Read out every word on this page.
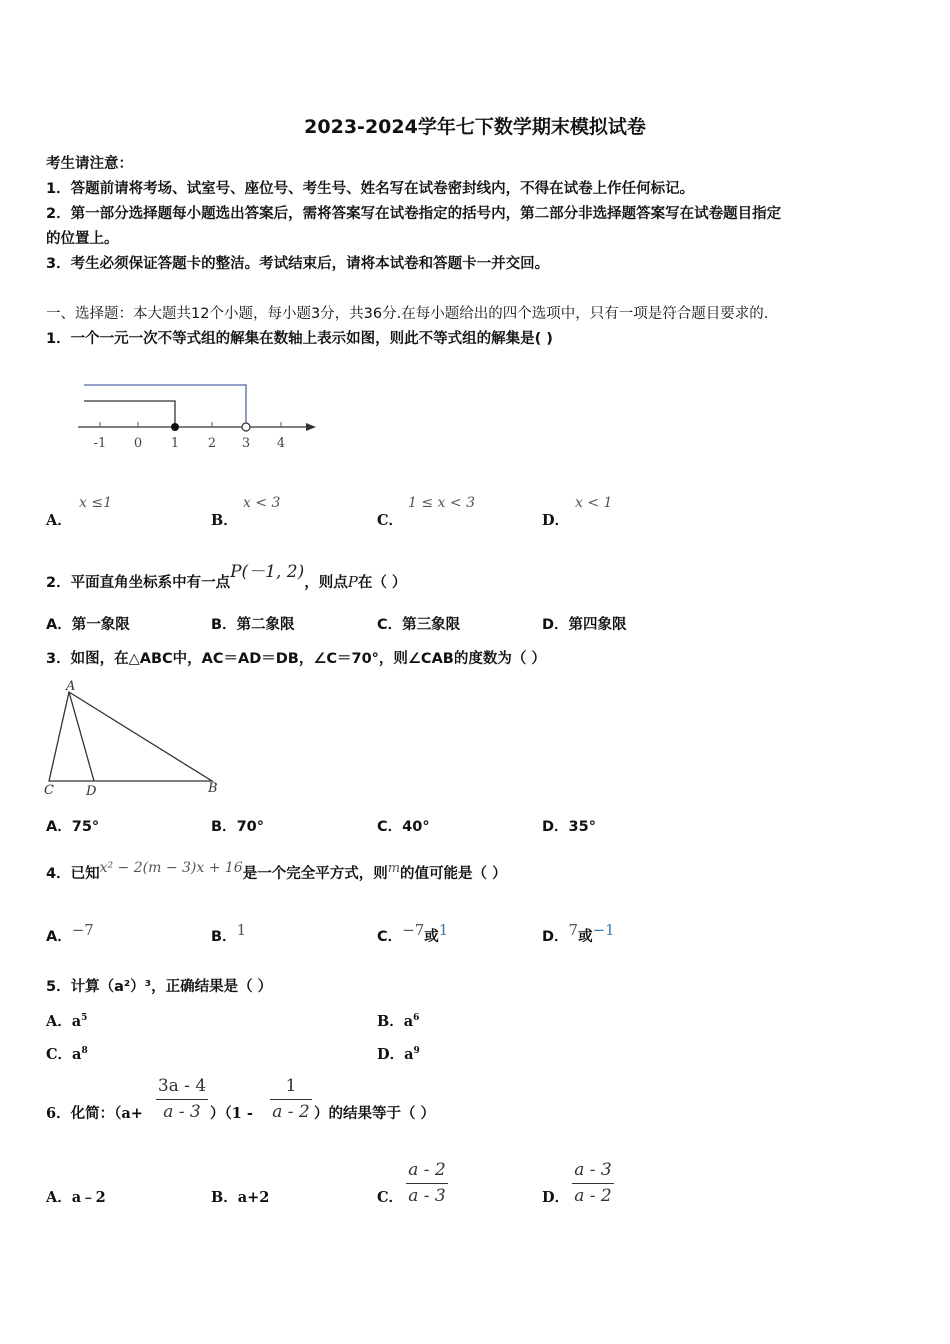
2023-2024学年七下数学期末模拟试卷
考生请注意：
1．答题前请将考场、试室号、座位号、考生号、姓名写在试卷密封线内，不得在试卷上作任何标记。
2．第一部分选择题每小题选出答案后，需将答案写在试卷指定的括号内，第二部分非选择题答案写在试卷题目指定
的位置上。
3．考生必须保证答题卡的整洁。考试结束后，请将本试卷和答题卡一并交回。
一、选择题：本大题共12个小题，每小题3分，共36分.在每小题给出的四个选项中，只有一项是符合题目要求的.
1．一个一元一次不等式组的解集在数轴上表示如图，则此不等式组的解集是( )
-1 0 1 2 3 4
A．
x ≤1
B．
x < 3
C．
1 ≤ x < 3
D．
x < 1
2．平面直角坐标系中有一点P(－1, 2)，则点P在（ ）
A．第一象限	B．第二象限	C．第三象限	D．第四象限
3．如图，在△ABC中，AC＝AD＝DB，∠C＝70°，则∠CAB的度数为（ ）
A
C D	B
A．75°	B．70°	C．40°	D．35°
4．已知x² − 2(m − 3)x + 16是一个完全平方式，则m的值可能是（ ）
A．−7	B．1	C．−7或1	D．7或−1
5．计算（a²）³，正确结果是（ ）
A．$a^5$	B．$a^6$
C．$a^8$	D．$a^9$
6．化简：（a+
3a - 4
a - 3 ）（1 -
1
a - 2 ）的结果等于（ ）
A．a﹣2	B．a+2	C．
a - 2
a - 3	D．
a - 3
a - 2
